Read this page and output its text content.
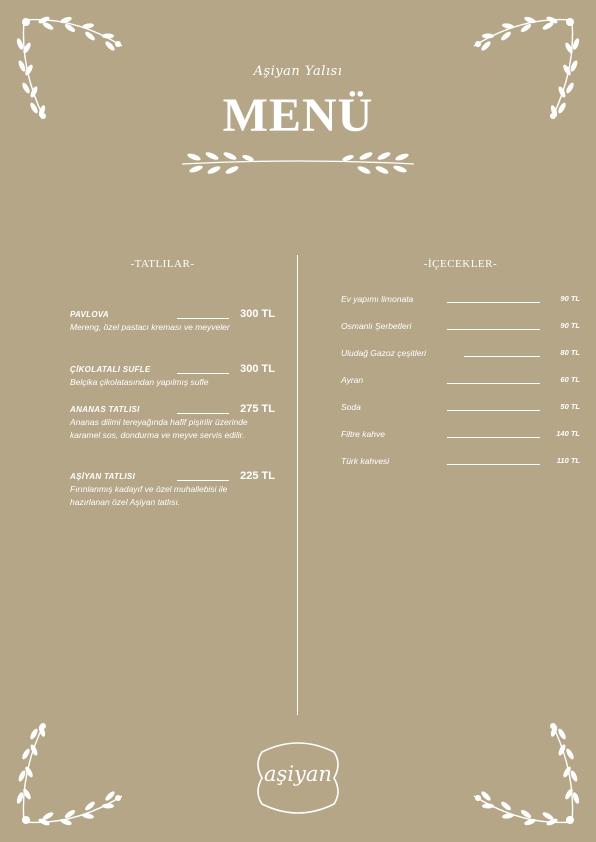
Aşiyan Yalısı
MENÜ
-TATLILAR-	-İÇECEKLER-
PAVLOVA	300 TL
Mereng, özel pastacı kreması ve meyveler
ÇİKOLATALI SUFLE	300 TL
Belçika çikolatasından yapılmış sufle
ANANAS TATLISI	275 TL
Ananas dilimi tereyağında hafif pişirilir üzerinde karamel sos, dondurma ve meyve servis edilir.
AŞİYAN TATLISI	225 TL
Fırınlanmış kadayıf ve özel muhallebisi ile hazırlanan özel Aşiyan tatlısı.
Ev yapımı limonata	90 TL
Osmanlı Şerbetleri	90 TL
Uludağ Gazoz çeşitleri	80 TL
Ayran	60 TL
Soda	50 TL
Filtre kahve	140 TL
Türk kahvesi	110 TL
aşiyan
